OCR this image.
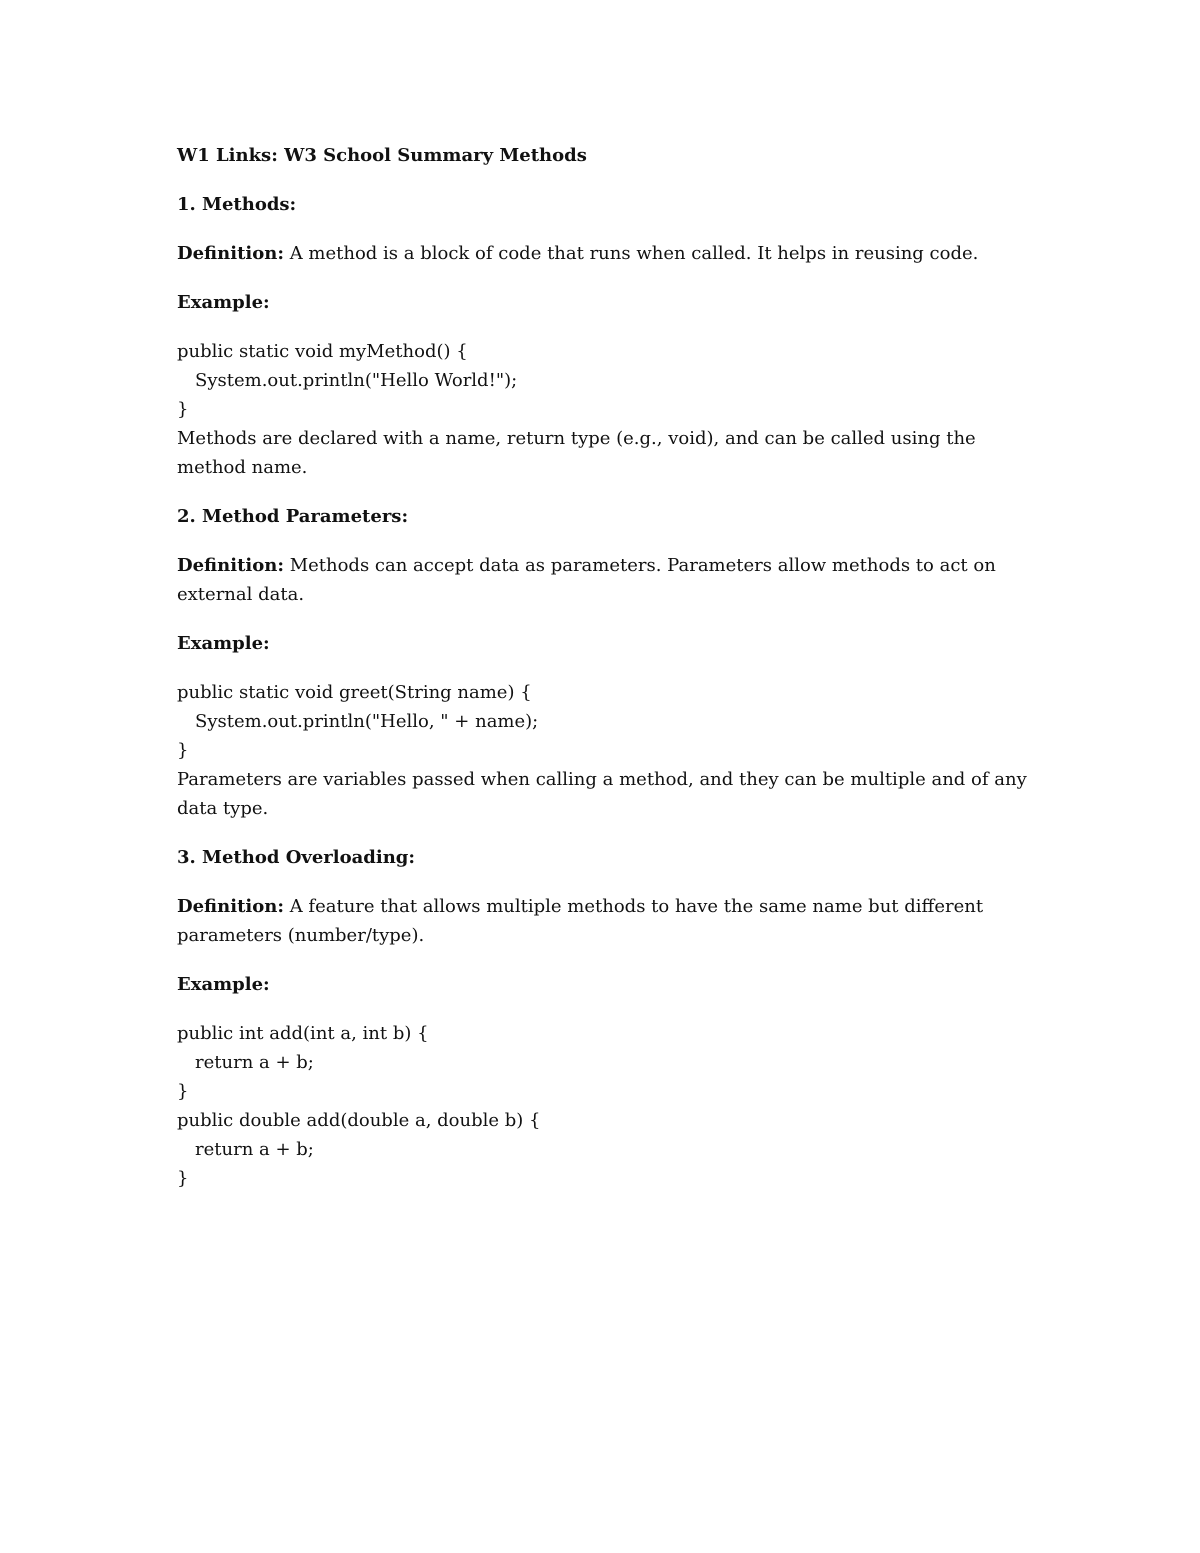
W1 Links: W3 School Summary Methods

1. Methods:

Definition: A method is a block of code that runs when called. It helps in reusing code.

Example:

public static void myMethod() {

System.out.println("Hello World!");

}

Methods are declared with a name, return type (e.g., void), and can be called using the method name.

2. Method Parameters:

Definition: Methods can accept data as parameters. Parameters allow methods to act on external data.

Example:

public static void greet(String name) {

System.out.println("Hello, " + name);

}

Parameters are variables passed when calling a method, and they can be multiple and of any data type.

3. Method Overloading:

Definition: A feature that allows multiple methods to have the same name but different parameters (number/type).

Example:

public int add(int a, int b) {

return a + b;

}

public double add(double a, double b) {

return a + b;

}
